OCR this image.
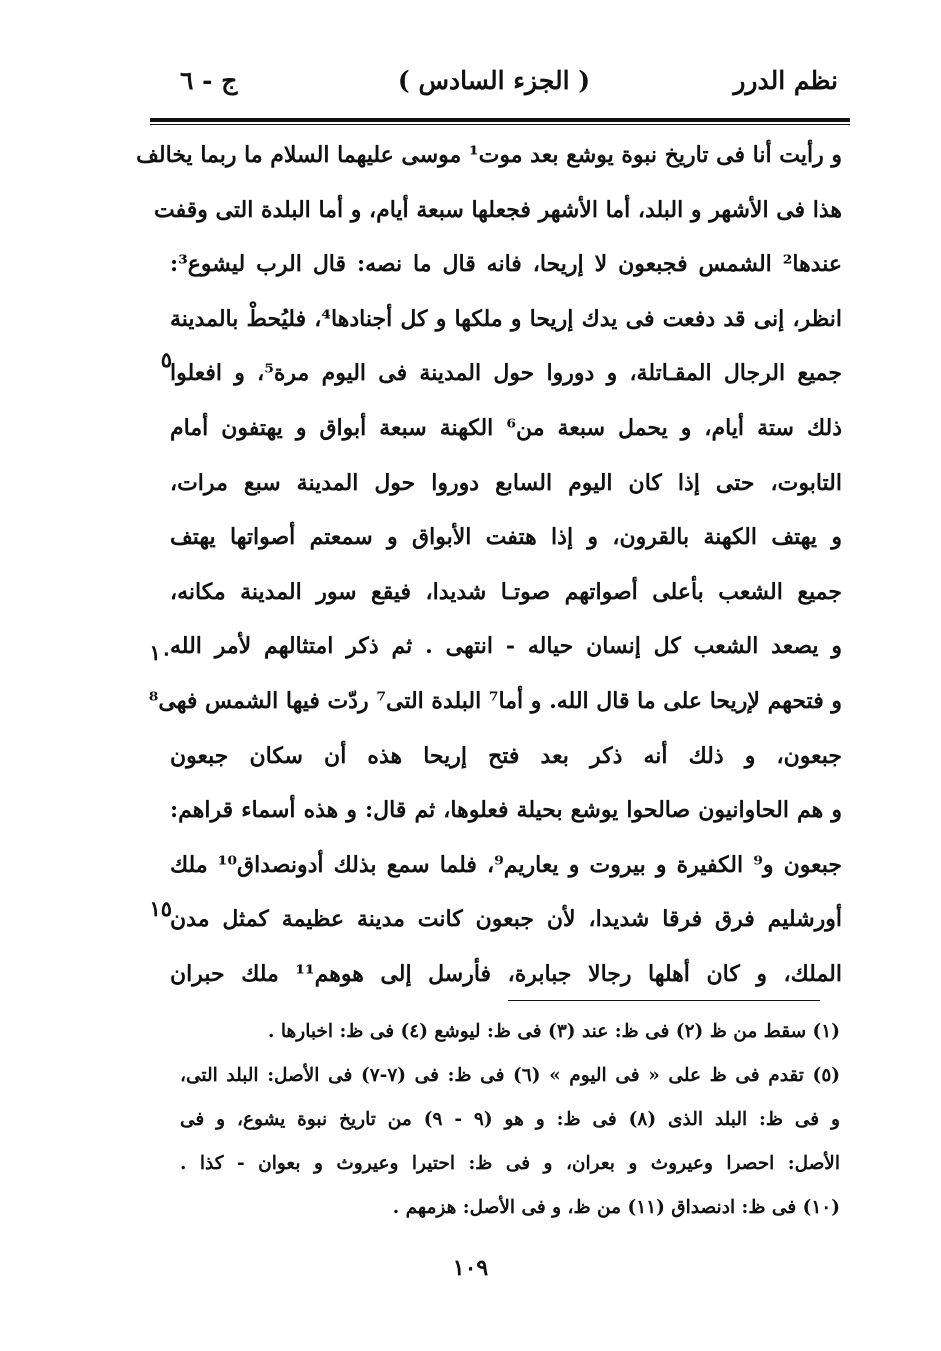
نظم الدرر
( الجزء السادس )
ج - ٦
و رأيت أنا فى تاريخ نبوة يوشع بعد موت¹ موسى عليهما السلام ما ربما يخالف
هذا فى الأشهر و البلد، أما الأشهر فجعلها سبعة أيام، و أما البلدة التى وقفت
عندها² الشمس فجبعون لا إريحا، فانه قال ما نصه: قال الرب ليشوع³:
انظر، إنى قد دفعت فى يدك إريحا و ملكها و كل أجنادها⁴، فليُحطْ بالمدينة
جميع الرجال المقـاتلة، و دوروا حول المدينة فى اليوم مرة⁵، و افعلوا
ذلك ستة أيام، و يحمل سبعة من⁶ الكهنة سبعة أبواق و يهتفون أمام
التابوت، حتى إذا كان اليوم السابع دوروا حول المدينة سبع مرات،
و يهتف الكهنة بالقرون، و إذا هتفت الأبواق و سمعتم أصواتها يهتف
جميع الشعب بأعلى أصواتهم صوتـا شديدا، فيقع سور المدينة مكانه،
و يصعد الشعب كل إنسان حياله - انتهى . ثم ذكر امتثالهم لأمر الله
و فتحهم لإريحا على ما قال الله. و أما⁷ البلدة التى⁷ ردّت فيها الشمس فهى⁸
جبعون، و ذلك أنه ذكر بعد فتح إريحا هذه أن سكان جبعون
و هم الحاوانيون صالحوا يوشع بحيلة فعلوها، ثم قال: و هذه أسماء قراهم:
جبعون و⁹ الكفيرة و بيروت و يعاريم⁹، فلما سمع بذلك أدونصداق¹⁰ ملك
أورشليم فرق فرقا شديدا، لأن جبعون كانت مدينة عظيمة كمثل مدن
الملك، و كان أهلها رجالا جبابرة، فأرسل إلى هوهم¹¹ ملك حبران
٥
١٠
١٥
(١) سقط من ظ (٢) فى ظ: عند (٣) فى ظ: ليوشع (٤) فى ظ: اخبارها .
(٥) تقدم فى ظ على « فى اليوم » (٦) فى ظ: فى (٧-٧) فى الأصل: البلد التى،
و فى ظ: البلد الذى (٨) فى ظ: و هو (٩ - ٩) من تاريخ نبوة يشوع، و فى
الأصل: احصرا وعيروث و بعران، و فى ظ: احتيرا وعيروث و بعوان - كذا .
(١٠) فى ظ: ادنصداق (١١) من ظ، و فى الأصل: هزمهم .
١٠٩
